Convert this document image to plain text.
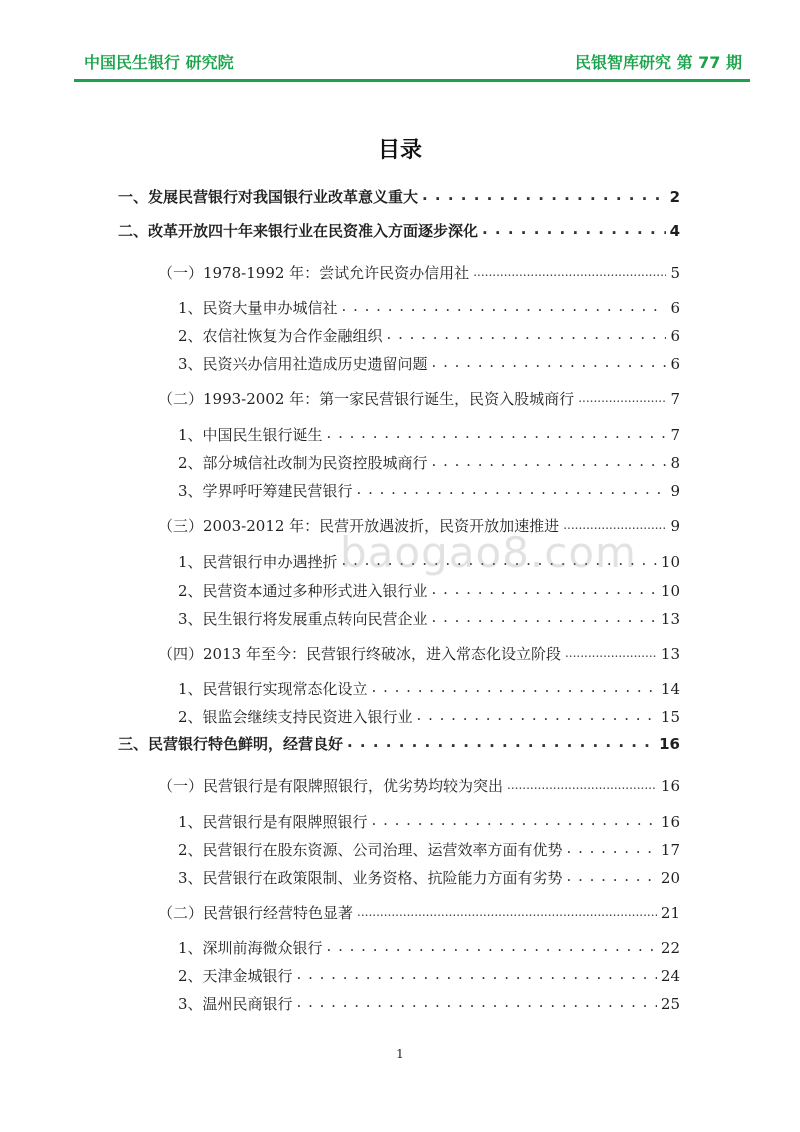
中国民生银行 研究院	民银智库研究 第 77 期
目录
一、发展民营银行对我国银行业改革意义重大 . . .	2
二、改革开放四十年来银行业在民资准入方面逐步深化 . . .	4
（一）1978-1992 年：尝试允许民资办信用社 .....	5
1、民资大量申办城信社 . . .	6
2、农信社恢复为合作金融组织 . . .	6
3、民资兴办信用社造成历史遗留问题 . . .	6
（二）1993-2002 年：第一家民营银行诞生，民资入股城商行 .....	7
1、中国民生银行诞生 . . .	7
2、部分城信社改制为民资控股城商行 . . .	8
3、学界呼吁筹建民营银行 . . .	9
（三）2003-2012 年：民营开放遇波折，民资开放加速推进 .....	9
1、民营银行申办遇挫折 . . .	10
2、民营资本通过多种形式进入银行业 . . .	10
3、民生银行将发展重点转向民营企业 . . .	13
（四）2013 年至今：民营银行终破冰，进入常态化设立阶段 .....	13
1、民营银行实现常态化设立 . . .	14
2、银监会继续支持民资进入银行业 . . .	15
三、民营银行特色鲜明，经营良好 . . .	16
（一）民营银行是有限牌照银行，优劣势均较为突出 .....	16
1、民营银行是有限牌照银行 . . .	16
2、民营银行在股东资源、公司治理、运营效率方面有优势 . . .	17
3、民营银行在政策限制、业务资格、抗险能力方面有劣势 . . .	20
（二）民营银行经营特色显著 .....	21
1、深圳前海微众银行 . . .	22
2、天津金城银行 . . .	24
3、温州民商银行 . . .	25
baogao8.com
1
